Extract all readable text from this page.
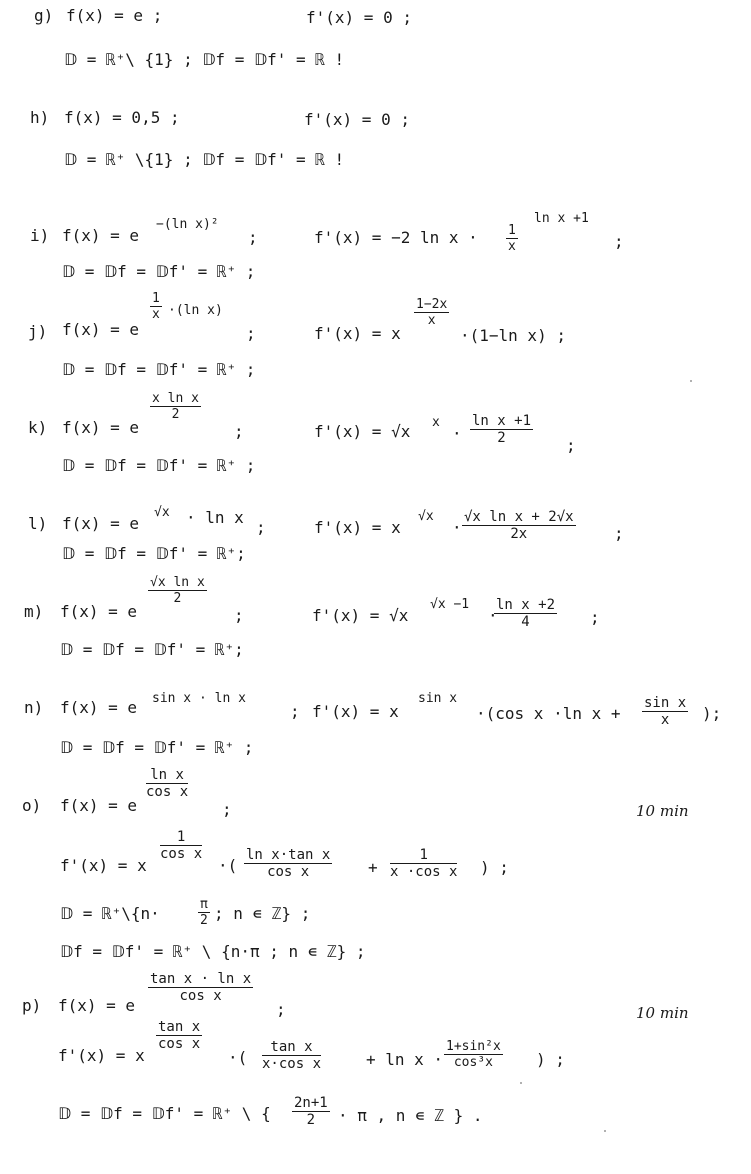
g) f(x) = e ;	f'(x) = 0 ;
𝔻 = ℝ⁺\ {1} ; 𝔻f = 𝔻f' = ℝ !
h) f(x) = 0,5 ;	f'(x) = 0 ;
𝔻 = ℝ⁺ \{1} ; 𝔻f = 𝔻f' = ℝ !
i) f(x) = e
−(ln x)²
;	f'(x) = −2 $\ln x \cdot \frac{1}{x}$
ln x +1
;
𝔻 = 𝔻f = 𝔻f' = ℝ⁺ ;
j) f(x) = e
$\frac{1}{x} \cdot(\ln$ x)
;	f'(x) = x
$\frac{1-2x}{x}$
·(1−ln x) ;
𝔻 = 𝔻f = 𝔻f' = ℝ⁺ ;
k) f(x) = e
$\frac{\text{x ln x}}{2}$
;	f'(x) = √x x
· $\frac{\text{ln x +1}}{2}$
;
𝔻 = 𝔻f = 𝔻f' = ℝ⁺ ;
l) f(x) = e
√x · ln x
;	f'(x) = x
√x
· $\frac{\text{√x ln x + 2√x}}{2x}$ ;
𝔻 = 𝔻f = 𝔻f' = ℝ⁺;
m) f(x) = e
$\frac{\text{√x ln x}}{2}$
;	f'(x) = √x
√x −1
·
$\frac{\text{ln x +2}}{4}$ ;
𝔻 = 𝔻f = 𝔻f' = ℝ⁺;
n) f(x) = e sin x · ln x
; f'(x) = x
sin x
·(cos x ·ln $x + \frac{\text{sin x}}{x}$ );
𝔻 = 𝔻f = 𝔻f' = ℝ⁺ ;
o) f(x) = e
$\frac{\text{ln x}}{\text{cos x}}$
;	10 min
f'(x) = x
$\frac{1}{\text{cos x}}$
·( $\frac{\text{ln x·tan x}}{\text{cos x}} + \frac{1}{\text{x ·cos x}}$ ) ;
𝔻 = ℝ⁺\{n·	$\frac{\pi}{2}$ ; n ∊ ℤ} ;
𝔻f = 𝔻f' = ℝ⁺ \ {n·π ; n ∊ ℤ} ;
p) f(x) = e
$\frac{\text{tan x · ln x}}{\text{cos x}}$
;	10 min
f'(x) = x
$\frac{\text{tan x}}{\text{cos x}}$
·( $\frac{\text{tan x}}{\text{x·cos x}}$	+ $\ln x \cdot \frac{\text{1+sin²x}}{\text{cos³x}}$ ) ;
𝔻 = 𝔻f = 𝔻f' = ℝ⁺ \ { $\frac{2n+1}{2} \cdot \pi$ , n ∊ ℤ } .
